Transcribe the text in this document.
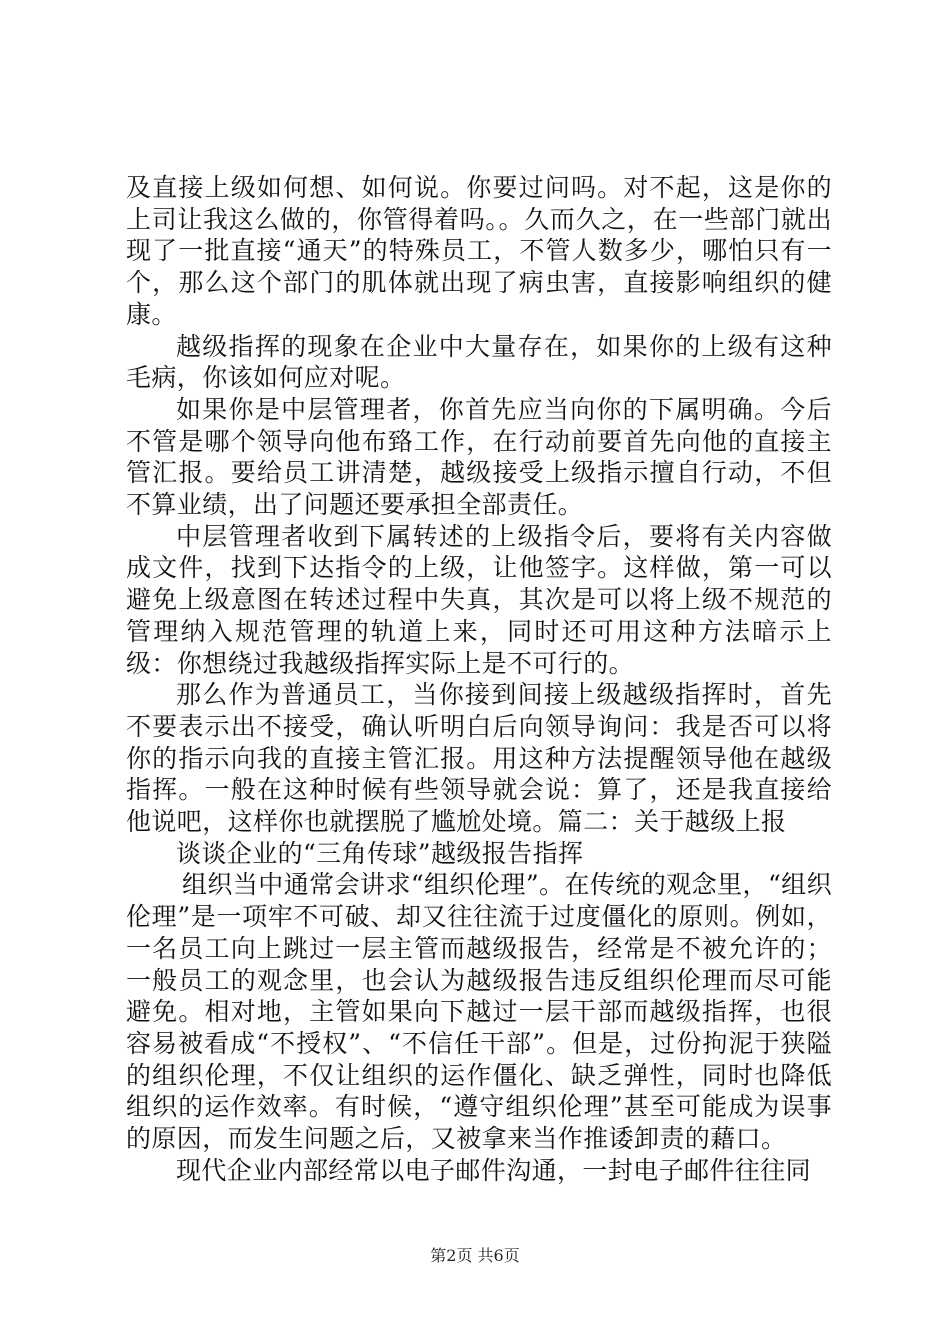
及直接上级如何想、如何说。你要过问吗。对不起，这是你的上司让我这么做的，你管得着吗。。久而久之，在一些部门就出现了一批直接“通天”的特殊员工，不管人数多少，哪怕只有一个，那么这个部门的肌体就出现了病虫害，直接影响组织的健康。

越级指挥的现象在企业中大量存在，如果你的上级有这种毛病，你该如何应对呢。

如果你是中层管理者，你首先应当向你的下属明确。今后不管是哪个领导向他布臵工作，在行动前要首先向他的直接主管汇报。要给员工讲清楚，越级接受上级指示擅自行动，不但不算业绩，出了问题还要承担全部责任。

中层管理者收到下属转述的上级指令后，要将有关内容做成文件，找到下达指令的上级，让他签字。这样做，第一可以避免上级意图在转述过程中失真，其次是可以将上级不规范的管理纳入规范管理的轨道上来，同时还可用这种方法暗示上级：你想绕过我越级指挥实际上是不可行的。

那么作为普通员工，当你接到间接上级越级指挥时，首先不要表示出不接受，确认听明白后向领导询问：我是否可以将你的指示向我的直接主管汇报。用这种方法提醒领导他在越级指挥。一般在这种时候有些领导就会说：算了，还是我直接给他说吧，这样你也就摆脱了尴尬处境。篇二：关于越级上报

谈谈企业的“三角传球”越级报告指挥

组织当中通常会讲求“组织伦理”。在传统的观念里，“组织伦理”是一项牢不可破、却又往往流于过度僵化的原则。例如，一名员工向上跳过一层主管而越级报告，经常是不被允许的；一般员工的观念里，也会认为越级报告违反组织伦理而尽可能避免。相对地，主管如果向下越过一层干部而越级指挥，也很容易被看成“不授权”、“不信任干部”。但是，过份拘泥于狭隘的组织伦理，不仅让组织的运作僵化、缺乏弹性，同时也降低组织的运作效率。有时候，“遵守组织伦理”甚至可能成为误事的原因，而发生问题之后，又被拿来当作推诿卸责的藉口。

现代企业内部经常以电子邮件沟通，一封电子邮件往往同

第2页 共6页
